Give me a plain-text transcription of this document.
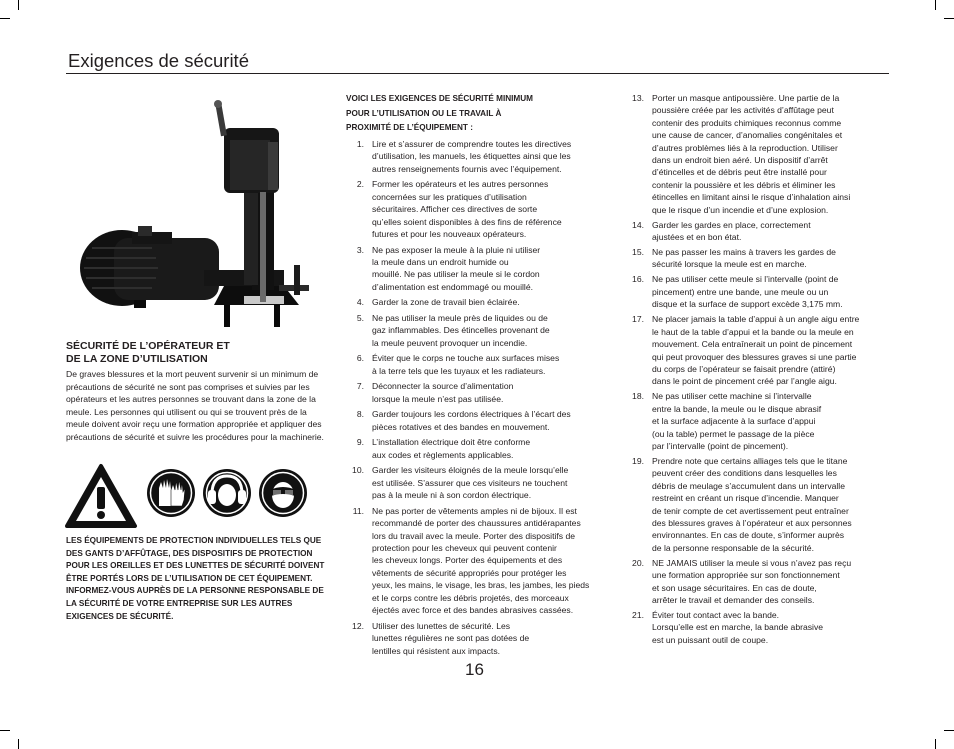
Exigences de sécurité
SÉCURITÉ DE L’OPÉRATEUR ET
DE LA ZONE D’UTILISATION

De graves blessures et la mort peuvent survenir si un minimum de précautions de sécurité ne sont pas comprises et suivies par les opérateurs et les autres personnes se trouvant dans la zone de la meule. Les personnes qui utilisent ou qui se trouvent près de la meule doivent avoir reçu une formation appropriée et appliquer des précautions de sécurité et suivre les procédures pour la machinerie.

LES ÉQUIPEMENTS DE PROTECTION INDIVIDUELLES TELS QUE DES GANTS D’AFFÛTAGE, DES DISPOSITIFS DE PROTECTION POUR LES OREILLES ET DES LUNETTES DE SÉCURITÉ DOIVENT ÊTRE PORTÉS LORS DE L’UTILISATION DE CET ÉQUIPEMENT. INFORMEZ-VOUS AUPRÈS DE LA PERSONNE RESPONSABLE DE LA SÉCURITÉ DE VOTRE ENTREPRISE SUR LES AUTRES EXIGENCES DE SÉCURITÉ.

VOICI LES EXIGENCES DE SÉCURITÉ MINIMUM
POUR L’UTILISATION OU LE TRAVAIL À
PROXIMITÉ DE L’ÉQUIPEMENT :
1. Lire et s’assurer de comprendre toutes les directives
d’utilisation, les manuels, les étiquettes ainsi que les
autres renseignements fournis avec l’équipement.
2. Former les opérateurs et les autres personnes
concernées sur les pratiques d’utilisation
sécuritaires. Afficher ces directives de sorte
qu’elles soient disponibles à des fins de référence
futures et pour les nouveaux opérateurs.
3. Ne pas exposer la meule à la pluie ni utiliser
la meule dans un endroit humide ou
mouillé. Ne pas utiliser la meule si le cordon
d’alimentation est endommagé ou mouillé.
4. Garder la zone de travail bien éclairée.
5. Ne pas utiliser la meule près de liquides ou de
gaz inflammables. Des étincelles provenant de
la meule peuvent provoquer un incendie.
6. Éviter que le corps ne touche aux surfaces mises
à la terre tels que les tuyaux et les radiateurs.
7. Déconnecter la source d’alimentation
lorsque la meule n’est pas utilisée.
8. Garder toujours les cordons électriques à l’écart des
pièces rotatives et des bandes en mouvement.
9. L’installation électrique doit être conforme
aux codes et règlements applicables.
10. Garder les visiteurs éloignés de la meule lorsqu’elle
est utilisée. S’assurer que ces visiteurs ne touchent
pas à la meule ni à son cordon électrique.
11. Ne pas porter de vêtements amples ni de bijoux. Il est
recommandé de porter des chaussures antidérapantes
lors du travail avec la meule. Porter des dispositifs de
protection pour les cheveux qui peuvent contenir
les cheveux longs. Porter des équipements et des
vêtements de sécurité appropriés pour protéger les
yeux, les mains, le visage, les bras, les jambes, les pieds
et le corps contre les débris projetés, des morceaux
éjectés avec force et des bandes abrasives cassées.
12. Utiliser des lunettes de sécurité. Les
lunettes régulières ne sont pas dotées de
lentilles qui résistent aux impacts.
13. Porter un masque antipoussière. Une partie de la
poussière créée par les activités d’affûtage peut
contenir des produits chimiques reconnus comme
une cause de cancer, d’anomalies congénitales et
d’autres problèmes liés à la reproduction. Utiliser
dans un endroit bien aéré. Un dispositif d’arrêt
d’étincelles et de débris peut être installé pour
contenir la poussière et les débris et éliminer les
étincelles en limitant ainsi le risque d’inhalation ainsi
que le risque d’un incendie et d’une explosion.
14. Garder les gardes en place, correctement
ajustées et en bon état.
15. Ne pas passer les mains à travers les gardes de
sécurité lorsque la meule est en marche.
16. Ne pas utiliser cette meule si l’intervalle (point de
pincement) entre une bande, une meule ou un
disque et la surface de support excède 3,175 mm.
17. Ne placer jamais la table d’appui à un angle aigu entre
le haut de la table d’appui et la bande ou la meule en
mouvement. Cela entraînerait un point de pincement
qui peut provoquer des blessures graves si une partie
du corps de l’opérateur se faisait prendre (attiré)
dans le point de pincement créé par l’angle aigu.
18. Ne pas utiliser cette machine si l’intervalle
entre la bande, la meule ou le disque abrasif
et la surface adjacente à la surface d’appui
(ou la table) permet le passage de la pièce
par l’intervalle (point de pincement).
19. Prendre note que certains alliages tels que le titane
peuvent créer des conditions dans lesquelles les
débris de meulage s’accumulent dans un intervalle
restreint en créant un risque d’incendie. Manquer
de tenir compte de cet avertissement peut entraîner
des blessures graves à l’opérateur et aux personnes
environnantes. En cas de doute, s’informer auprès
de la personne responsable de la sécurité.
20. NE JAMAIS utiliser la meule si vous n’avez pas reçu
une formation appropriée sur son fonctionnement
et son usage sécuritaires. En cas de doute,
arrêter le travail et demander des conseils.
21. Éviter tout contact avec la bande.
Lorsqu’elle est en marche, la bande abrasive
est un puissant outil de coupe.
16
